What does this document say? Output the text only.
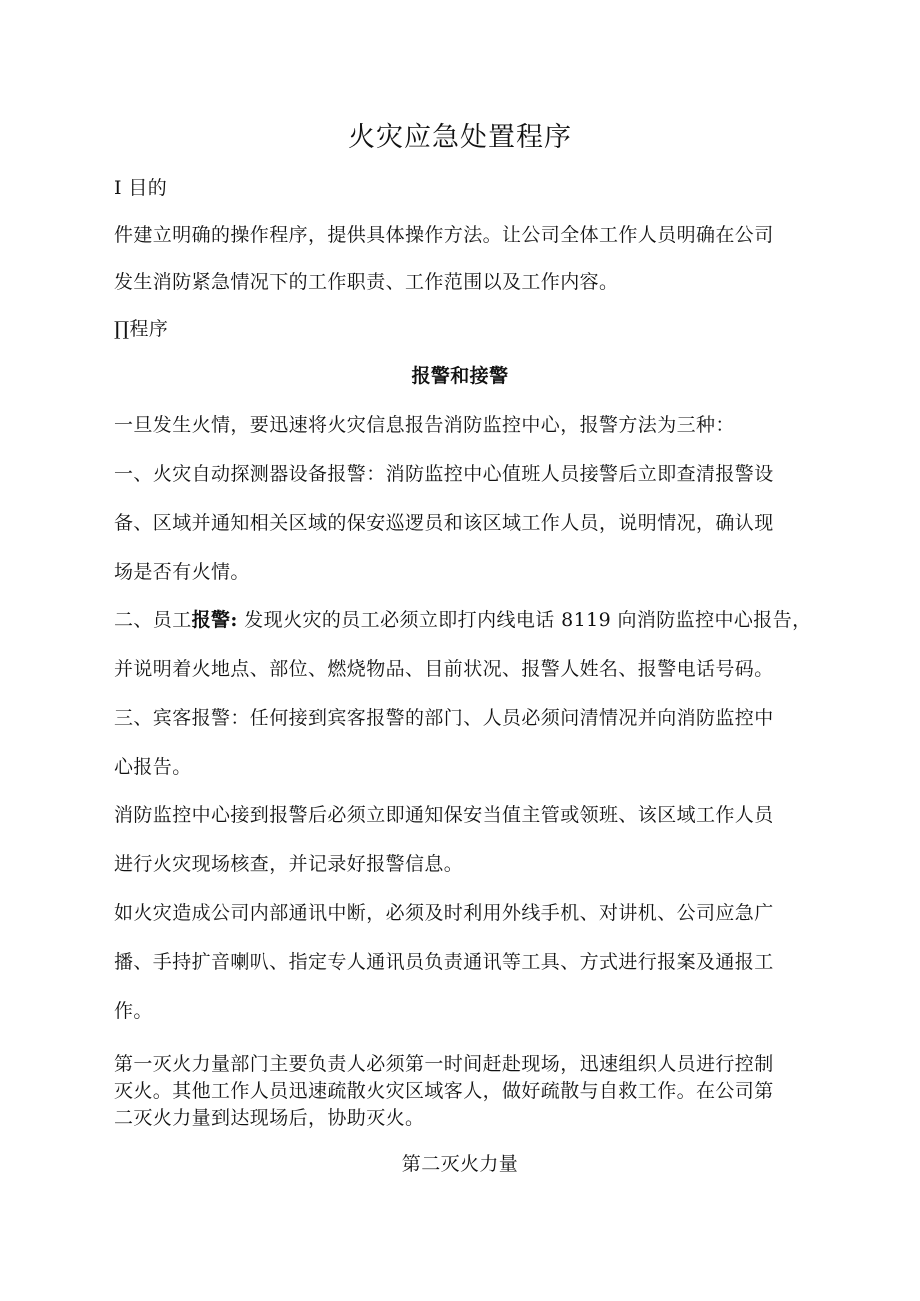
火灾应急处置程序
I 目的
件建立明确的操作程序，提供具体操作方法。让公司全体工作人员明确在公司
发生消防紧急情况下的工作职责、工作范围以及工作内容。
∏程序
报警和接警
一旦发生火情，要迅速将火灾信息报告消防监控中心，报警方法为三种：
一、火灾自动探测器设备报警：消防监控中心值班人员接警后立即查清报警设
备、区域并通知相关区域的保安巡逻员和该区域工作人员，说明情况，确认现
场是否有火情。
二、员工报警: 发现火灾的员工必须立即打内线电话 8119 向消防监控中心报告，
并说明着火地点、部位、燃烧物品、目前状况、报警人姓名、报警电话号码。
三、宾客报警：任何接到宾客报警的部门、人员必须问清情况并向消防监控中
心报告。
消防监控中心接到报警后必须立即通知保安当值主管或领班、该区域工作人员
进行火灾现场核查，并记录好报警信息。
如火灾造成公司内部通讯中断，必须及时利用外线手机、对讲机、公司应急广
播、手持扩音喇叭、指定专人通讯员负责通讯等工具、方式进行报案及通报工
作。
第一灭火力量部门主要负责人必须第一时间赶赴现场，迅速组织人员进行控制
灭火。其他工作人员迅速疏散火灾区域客人，做好疏散与自救工作。在公司第
二灭火力量到达现场后，协助灭火。
第二灭火力量
